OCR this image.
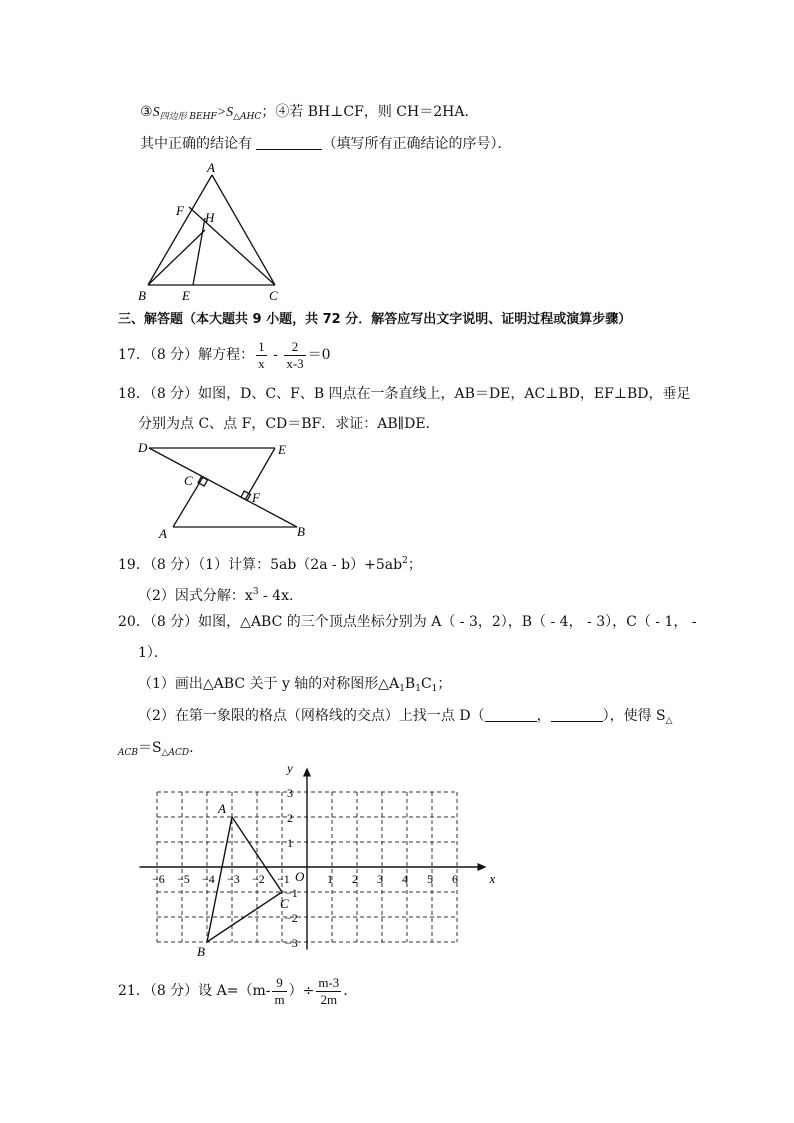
$③S_{四边形 BEHF}>S_{\triangle AHC}$；④若 BH⊥CF，则 CH＝2HA．
其中正确的结论有	（填写所有正确结论的序号）．
A
F H
B	E	C
三、解答题（本大题共 9 小题，共 72 分．解答应写出文字说明、证明过程或演算步骤）
17．（8 分）解方程： $\frac{1}{x} - \frac{2}{x-3} =0$
18．（8 分）如图，D、C、F、B 四点在一条直线上，AB＝DE，AC⊥BD，EF⊥BD，垂足
分别为点 C、点 F，CD＝BF．求证：AB∥DE．
D	E
C
F
A	B
19．（8 分）（1）计算：$5ab(2a - b)+5ab^2$；
（2）因式分解：$x^3 - 4x$．
20．（8 分）如图，△ABC 的三个顶点坐标分别为 A（ - 3，2），B（ - 4， - 3），C（ - 1， -
1）．
（1）画出△ABC 关于 y 轴的对称图形$\triangle A_1B_1C_1$；
（2）在第一象限的格点（网格线的交点）上找一点 D（	，	），使得 $S_\triangle$
$_{ACB}=S_{\triangle ACD}$.
−6 −5 −4 −3 −2 −1	1 2 3 4 5 6
3
2
1
−1
−2
−3
O	x
y
A
B
C
21．（8 分）设 $A=(m- \frac{9}{m}$ ）÷ $\frac{m-3}{2m}$ .
